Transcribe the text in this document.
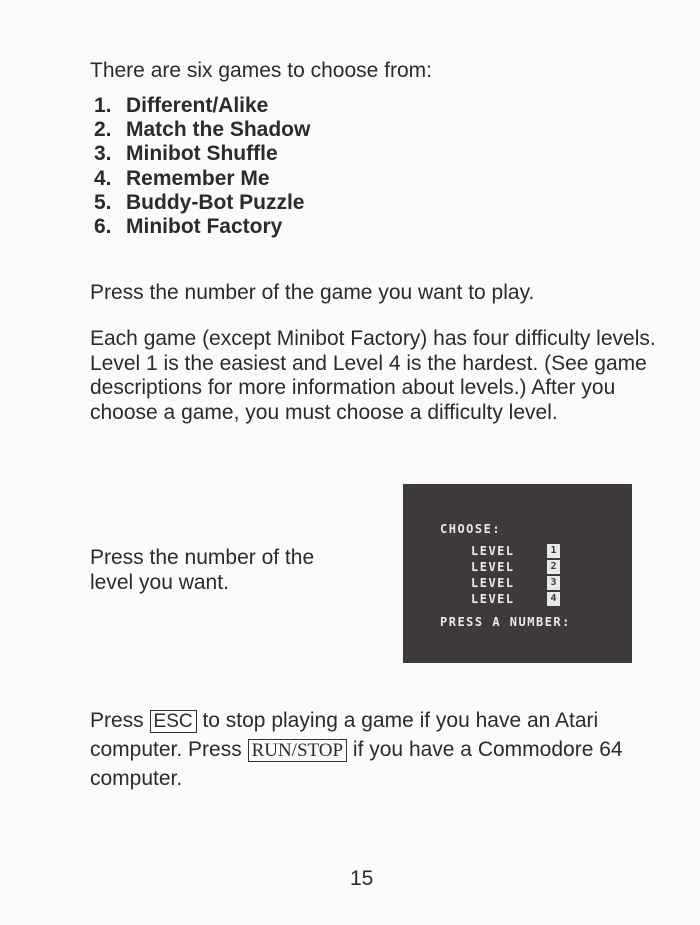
There are six games to choose from:

1. Different/Alike
2. Match the Shadow
3. Minibot Shuffle
4. Remember Me
5. Buddy-Bot Puzzle
6. Minibot Factory

Press the number of the game you want to play.

Each game (except Minibot Factory) has four difficulty levels. Level 1 is the easiest and Level 4 is the hardest. (See game descriptions for more information about levels.) After you choose a game, you must choose a difficulty level.

Press the number of the level you want.

CHOOSE:
LEVEL	1
LEVEL	2
LEVEL	3
LEVEL	4
PRESS A NUMBER:

Press ESC to stop playing a game if you have an Atari computer. Press RUN/STOP if you have a Commodore 64 computer.

15
